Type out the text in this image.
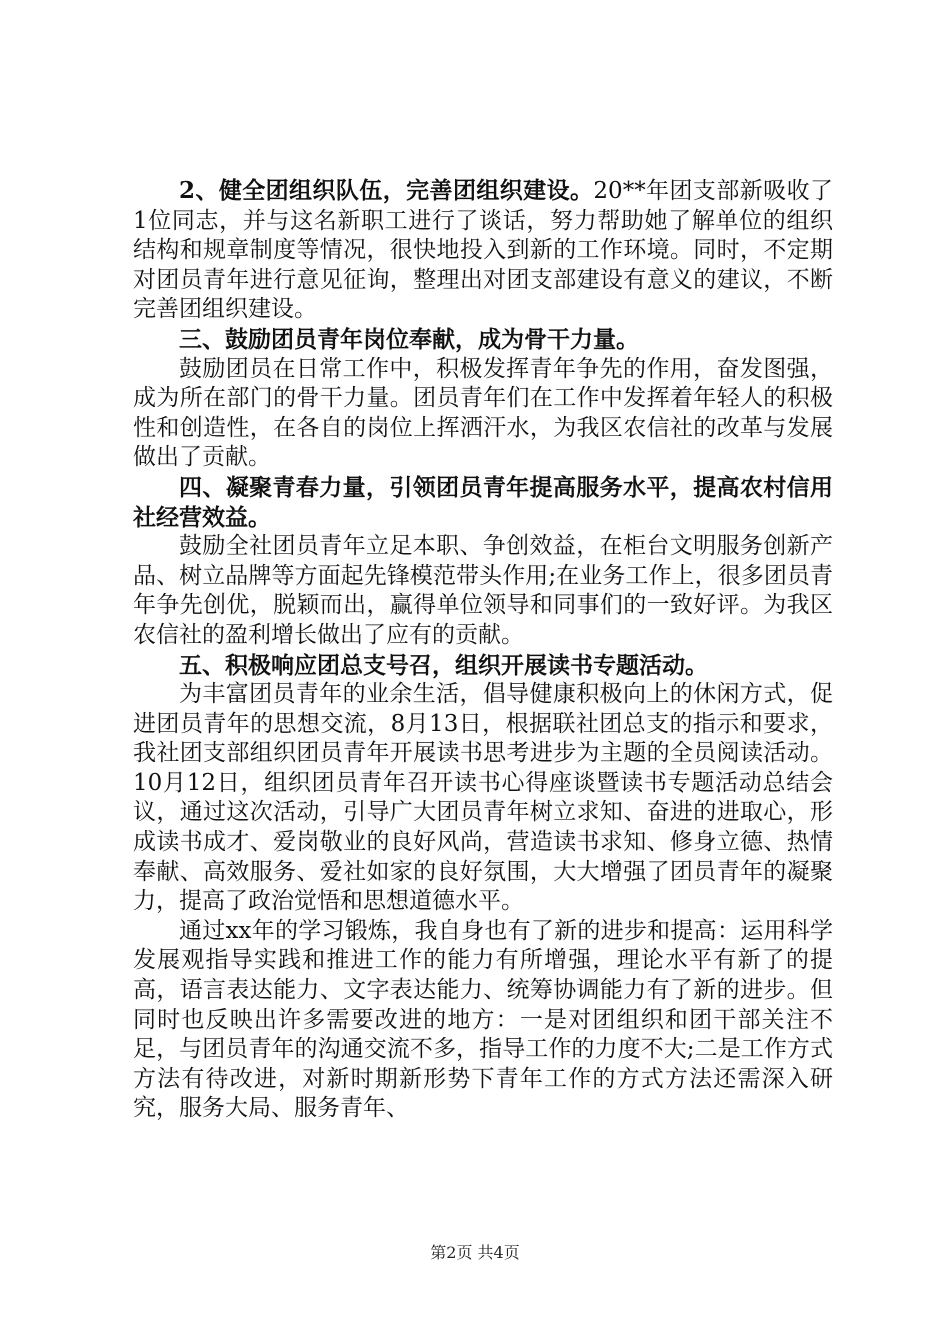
2、健全团组织队伍，完善团组织建设。20**年团支部新吸收了1位同志，并与这名新职工进行了谈话，努力帮助她了解单位的组织结构和规章制度等情况，很快地投入到新的工作环境。同时，不定期对团员青年进行意见征询，整理出对团支部建设有意义的建议，不断完善团组织建设。

三、鼓励团员青年岗位奉献，成为骨干力量。

鼓励团员在日常工作中，积极发挥青年争先的作用，奋发图强，成为所在部门的骨干力量。团员青年们在工作中发挥着年轻人的积极性和创造性，在各自的岗位上挥洒汗水，为我区农信社的改革与发展做出了贡献。

四、凝聚青春力量，引领团员青年提高服务水平，提高农村信用社经营效益。

鼓励全社团员青年立足本职、争创效益，在柜台文明服务创新产品、树立品牌等方面起先锋模范带头作用;在业务工作上，很多团员青年争先创优，脱颖而出，赢得单位领导和同事们的一致好评。为我区农信社的盈利增长做出了应有的贡献。

五、积极响应团总支号召，组织开展读书专题活动。

为丰富团员青年的业余生活，倡导健康积极向上的休闲方式，促进团员青年的思想交流，8月13日，根据联社团总支的指示和要求，我社团支部组织团员青年开展读书思考进步为主题的全员阅读活动。10月12日，组织团员青年召开读书心得座谈暨读书专题活动总结会议，通过这次活动，引导广大团员青年树立求知、奋进的进取心，形成读书成才、爱岗敬业的良好风尚，营造读书求知、修身立德、热情奉献、高效服务、爱社如家的良好氛围，大大增强了团员青年的凝聚力，提高了政治觉悟和思想道德水平。

通过xx年的学习锻炼，我自身也有了新的进步和提高：运用科学发展观指导实践和推进工作的能力有所增强，理论水平有新了的提高，语言表达能力、文字表达能力、统筹协调能力有了新的进步。但同时也反映出许多需要改进的地方：一是对团组织和团干部关注不足，与团员青年的沟通交流不多，指导工作的力度不大;二是工作方式方法有待改进，对新时期新形势下青年工作的方式方法还需深入研究，服务大局、服务青年、

第2页 共4页
